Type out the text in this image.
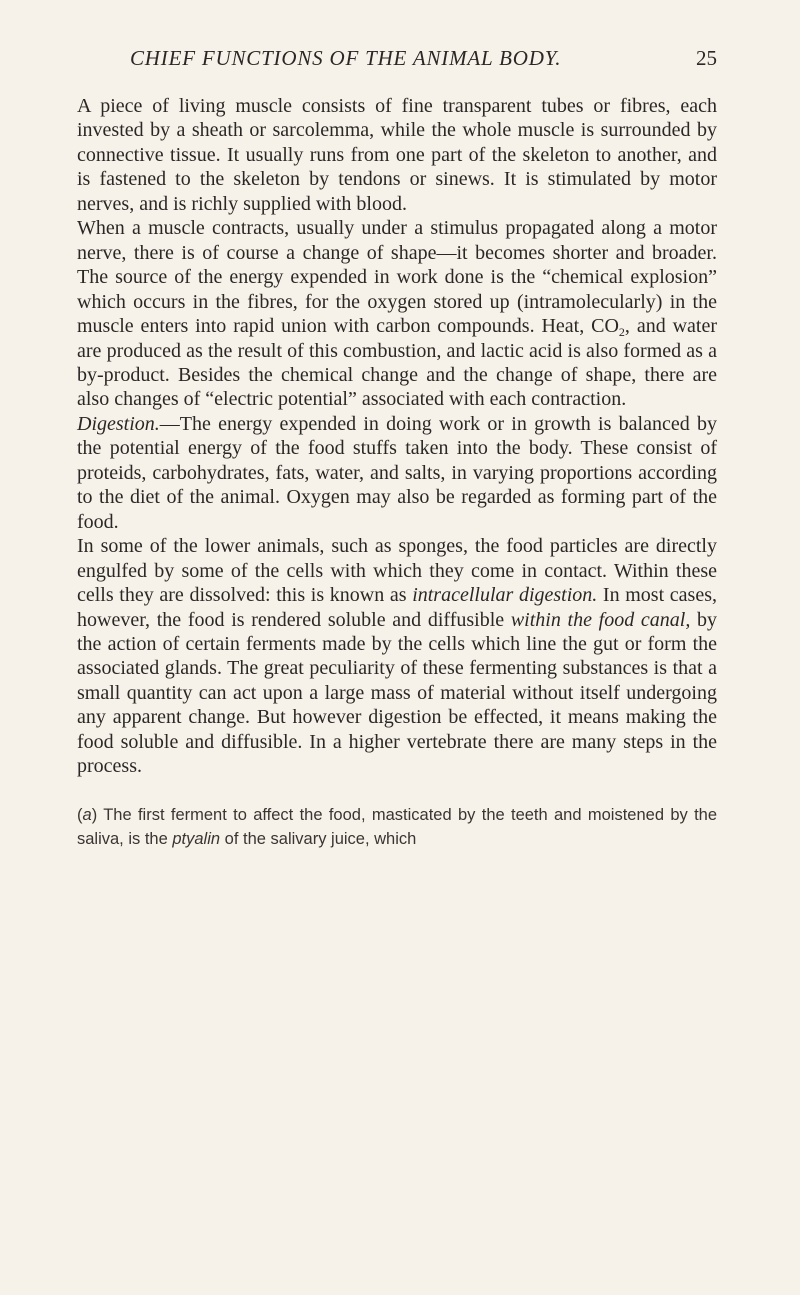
CHIEF FUNCTIONS OF THE ANIMAL BODY.	25

A piece of living muscle consists of fine transparent tubes or fibres, each invested by a sheath or sarcolemma, while the whole muscle is surrounded by connective tissue. It usually runs from one part of the skeleton to another, and is fastened to the skeleton by tendons or sinews. It is stimulated by motor nerves, and is richly supplied with blood.

When a muscle contracts, usually under a stimulus propagated along a motor nerve, there is of course a change of shape—it becomes shorter and broader. The source of the energy expended in work done is the “chemical explosion” which occurs in the fibres, for the oxygen stored up (intramolecularly) in the muscle enters into rapid union with carbon compounds. Heat, $CO_2$, and water are produced as the result of this combustion, and lactic acid is also formed as a by-product. Besides the chemical change and the change of shape, there are also changes of “electric potential” associated with each contraction.

Digestion.—The energy expended in doing work or in growth is balanced by the potential energy of the food stuffs taken into the body. These consist of proteids, carbohydrates, fats, water, and salts, in varying proportions according to the diet of the animal. Oxygen may also be regarded as forming part of the food.

In some of the lower animals, such as sponges, the food particles are directly engulfed by some of the cells with which they come in contact. Within these cells they are dissolved: this is known as intracellular digestion. In most cases, however, the food is rendered soluble and diffusible within the food canal, by the action of certain ferments made by the cells which line the gut or form the associated glands. The great peculiarity of these fermenting substances is that a small quantity can act upon a large mass of material without itself undergoing any apparent change. But however digestion be effected, it means making the food soluble and diffusible. In a higher vertebrate there are many steps in the process.

(a) The first ferment to affect the food, masticated by the teeth and moistened by the saliva, is the ptyalin of the salivary juice, which
